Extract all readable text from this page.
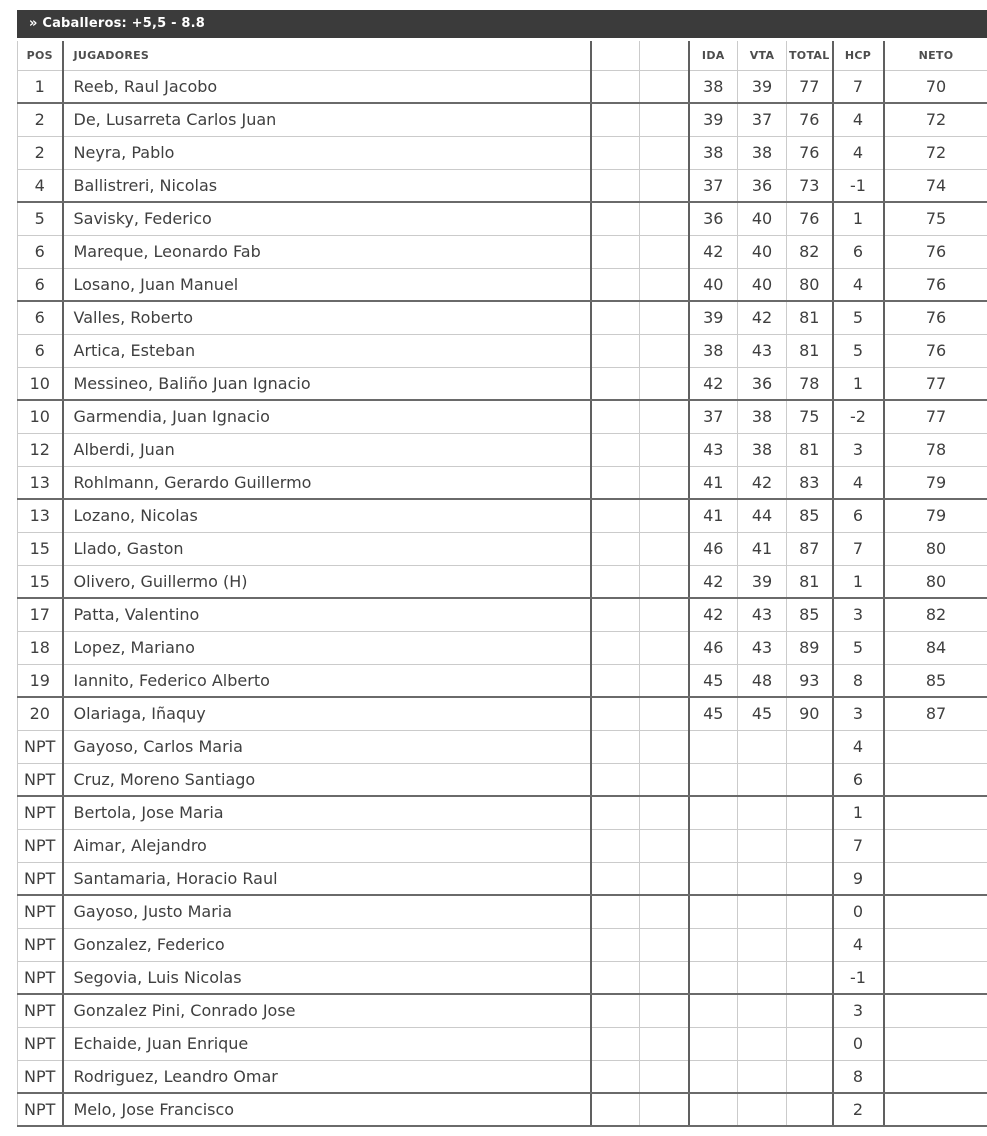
» Caballeros: +5,5 - 8.8
POS	JUGADORES			IDA	VTA	TOTAL	HCP	NETO
1	Reeb, Raul Jacobo			38	39	77	7	70
2	De, Lusarreta Carlos Juan			39	37	76	4	72
2	Neyra, Pablo			38	38	76	4	72
4	Ballistreri, Nicolas			37	36	73	-1	74
5	Savisky, Federico			36	40	76	1	75
6	Mareque, Leonardo Fab			42	40	82	6	76
6	Losano, Juan Manuel			40	40	80	4	76
6	Valles, Roberto			39	42	81	5	76
6	Artica, Esteban			38	43	81	5	76
10	Messineo, Baliño Juan Ignacio			42	36	78	1	77
10	Garmendia, Juan Ignacio			37	38	75	-2	77
12	Alberdi, Juan			43	38	81	3	78
13	Rohlmann, Gerardo Guillermo			41	42	83	4	79
13	Lozano, Nicolas			41	44	85	6	79
15	Llado, Gaston			46	41	87	7	80
15	Olivero, Guillermo (H)			42	39	81	1	80
17	Patta, Valentino			42	43	85	3	82
18	Lopez, Mariano			46	43	89	5	84
19	Iannito, Federico Alberto			45	48	93	8	85
20	Olariaga, Iñaquy			45	45	90	3	87
NPT	Gayoso, Carlos Maria						4	
NPT	Cruz, Moreno Santiago						6	
NPT	Bertola, Jose Maria						1	
NPT	Aimar, Alejandro						7	
NPT	Santamaria, Horacio Raul						9	
NPT	Gayoso, Justo Maria						0	
NPT	Gonzalez, Federico						4	
NPT	Segovia, Luis Nicolas						-1	
NPT	Gonzalez Pini, Conrado Jose						3	
NPT	Echaide, Juan Enrique						0	
NPT	Rodriguez, Leandro Omar						8	
NPT	Melo, Jose Francisco						2	
